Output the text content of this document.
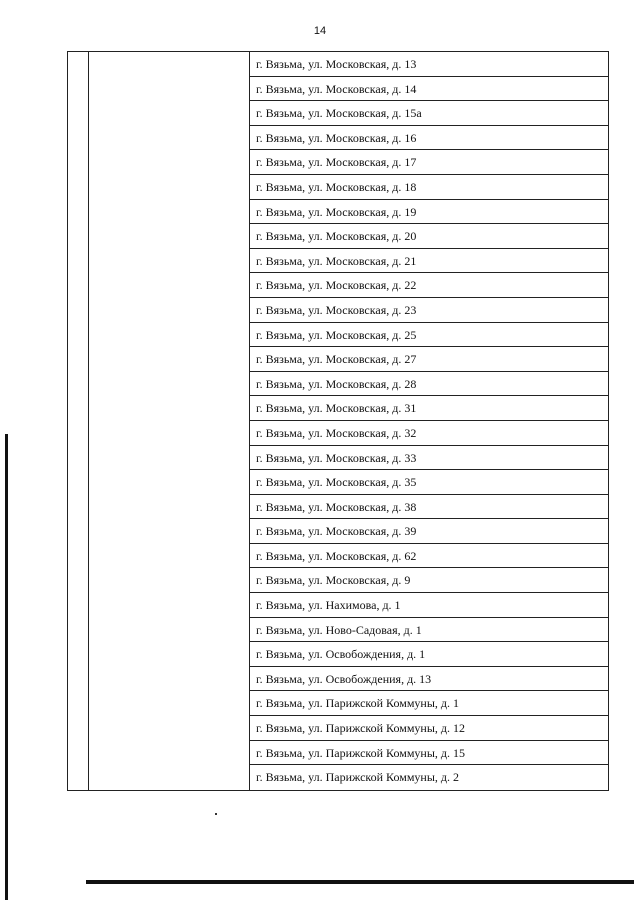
14
г. Вязьма, ул. Московская, д. 13
г. Вязьма, ул. Московская, д. 14
г. Вязьма, ул. Московская, д. 15а
г. Вязьма, ул. Московская, д. 16
г. Вязьма, ул. Московская, д. 17
г. Вязьма, ул. Московская, д. 18
г. Вязьма, ул. Московская, д. 19
г. Вязьма, ул. Московская, д. 20
г. Вязьма, ул. Московская, д. 21
г. Вязьма, ул. Московская, д. 22
г. Вязьма, ул. Московская, д. 23
г. Вязьма, ул. Московская, д. 25
г. Вязьма, ул. Московская, д. 27
г. Вязьма, ул. Московская, д. 28
г. Вязьма, ул. Московская, д. 31
г. Вязьма, ул. Московская, д. 32
г. Вязьма, ул. Московская, д. 33
г. Вязьма, ул. Московская, д. 35
г. Вязьма, ул. Московская, д. 38
г. Вязьма, ул. Московская, д. 39
г. Вязьма, ул. Московская, д. 62
г. Вязьма, ул. Московская, д. 9
г. Вязьма, ул. Нахимова, д. 1
г. Вязьма, ул. Ново-Садовая, д. 1
г. Вязьма, ул. Освобождения, д. 1
г. Вязьма, ул. Освобождения, д. 13
г. Вязьма, ул. Парижской Коммуны, д. 1
г. Вязьма, ул. Парижской Коммуны, д. 12
г. Вязьма, ул. Парижской Коммуны, д. 15
г. Вязьма, ул. Парижской Коммуны, д. 2
